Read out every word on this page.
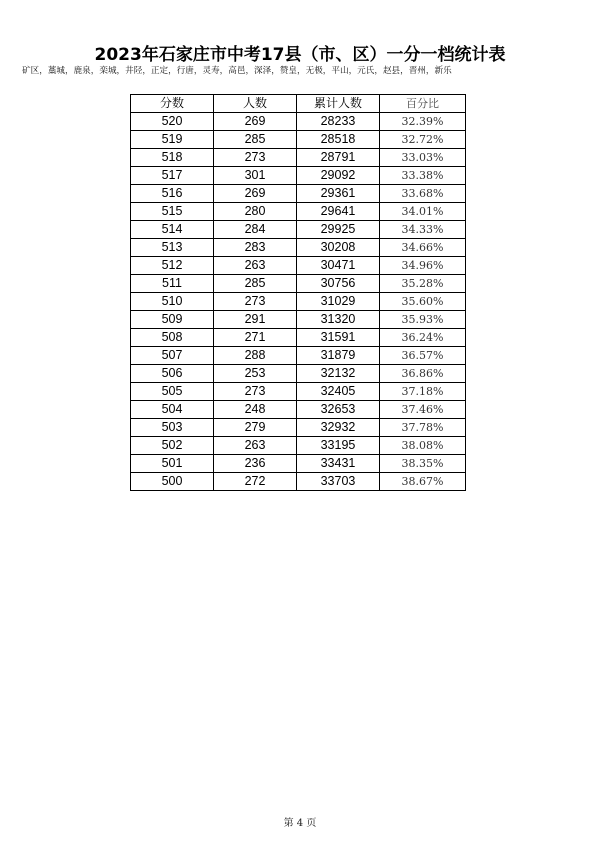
2023年石家庄市中考17县（市、区）一分一档统计表
矿区，藁城，鹿泉，栾城，井陉，正定，行唐，灵寿，高邑，深泽，赞皇，无极，平山，元氏，赵县，晋州，新乐
分数	人数	累计人数	百分比
520	269	28233	32.39%
519	285	28518	32.72%
518	273	28791	33.03%
517	301	29092	33.38%
516	269	29361	33.68%
515	280	29641	34.01%
514	284	29925	34.33%
513	283	30208	34.66%
512	263	30471	34.96%
511	285	30756	35.28%
510	273	31029	35.60%
509	291	31320	35.93%
508	271	31591	36.24%
507	288	31879	36.57%
506	253	32132	36.86%
505	273	32405	37.18%
504	248	32653	37.46%
503	279	32932	37.78%
502	263	33195	38.08%
501	236	33431	38.35%
500	272	33703	38.67%
第 4 页
